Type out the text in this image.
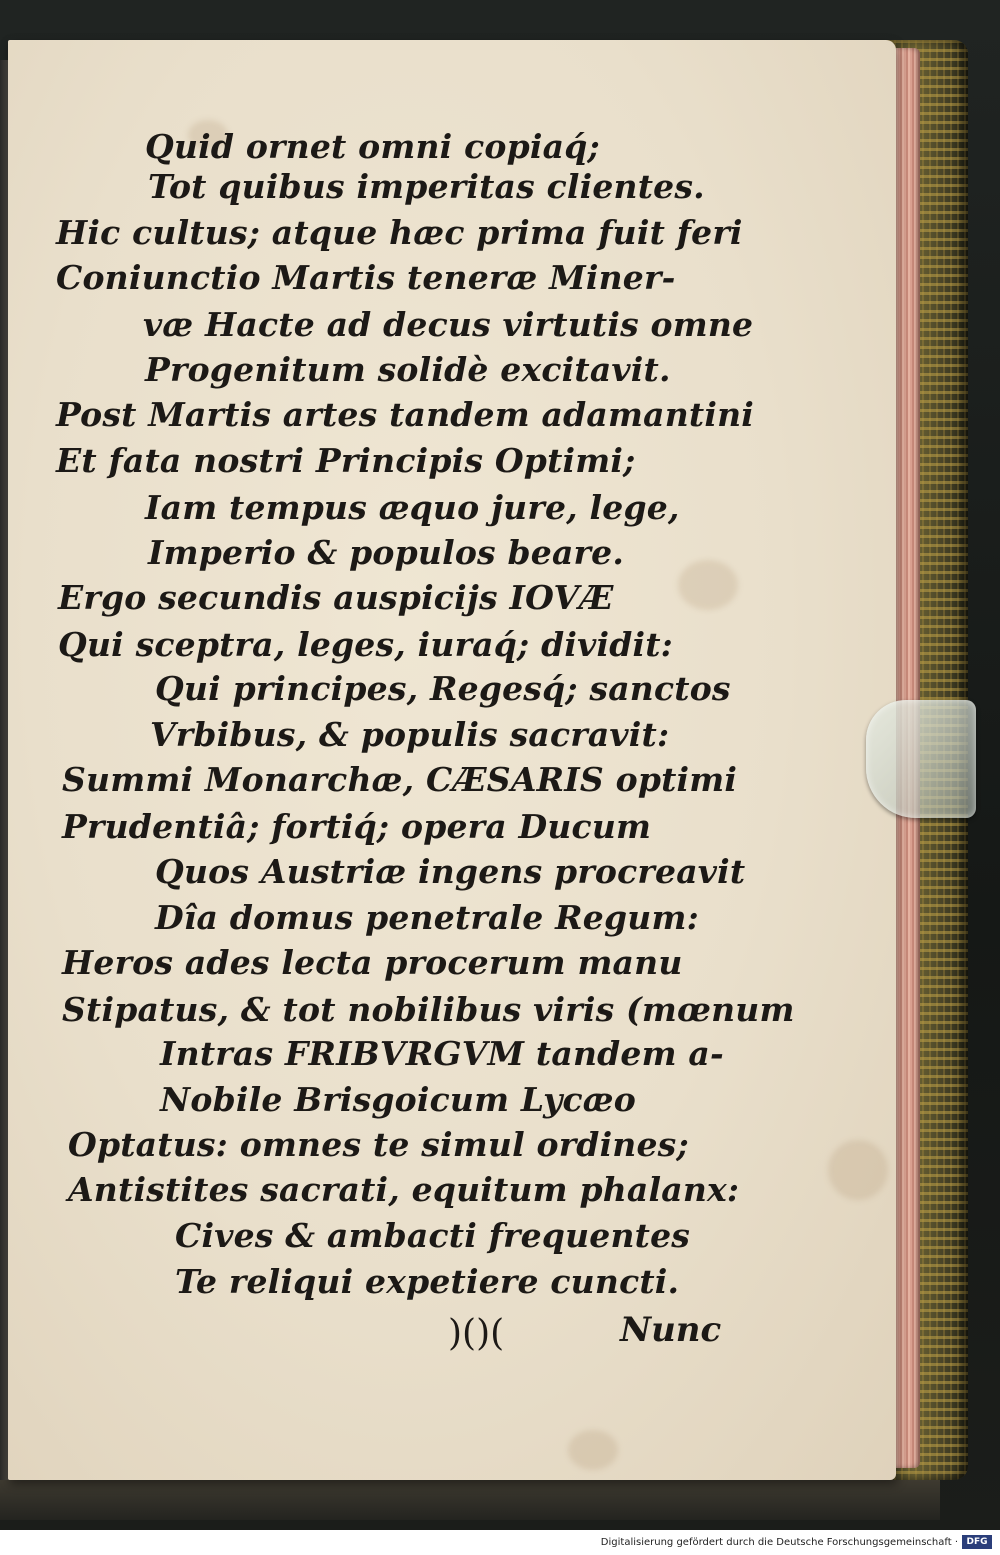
Quid ornet omni copiaq́;
Tot quibus imperitas clientes.
Hic cultus; atque hæc prima fuit feri
Coniunctio Martis teneræ Miner-
væ Hacte ad decus virtutis omne
Progenitum solidè excitavit.
Post Martis artes tandem adamantini
Et fata nostri Principis Optimi;
Iam tempus æquo jure, lege,
Imperio & populos beare.
Ergo secundis auspicijs IOVÆ
Qui sceptra, leges, iuraq́; dividit:
Qui principes, Regesq́; sanctos
Vrbibus, & populis sacravit:
Summi Monarchæ, CÆSARIS optimi
Prudentiâ; fortiq́; opera Ducum
Quos Austriæ ingens procreavit
Dîa domus penetrale Regum:
Heros ades lecta procerum manu
Stipatus, & tot nobilibus viris (mœnum
Intras FRIBVRGVM tandem a-
Nobile Brisgoicum Lycæo
Optatus: omnes te simul ordines;
Antistites sacrati, equitum phalanx:
Cives & ambacti frequentes
Te reliqui expetiere cuncti.
)()(	Nunc
Digitalisierung gefördert durch die Deutsche Forschungsgemeinschaft · DFG
